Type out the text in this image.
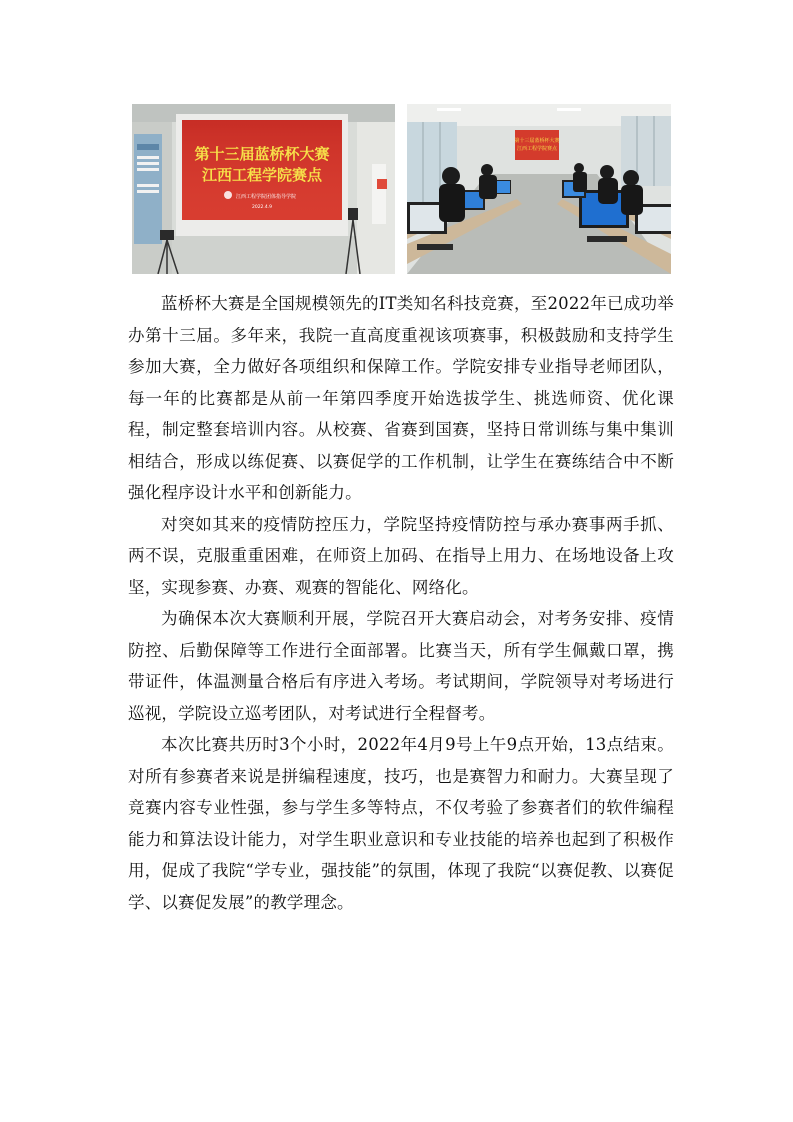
第十三届蓝桥杯大赛
江西工程学院赛点
江西工程学院团体指导学院
2022.4.9
第十三届蓝桥杯大赛
江西工程学院赛点

蓝桥杯大赛是全国规模领先的IT类知名科技竞赛，至2022年已成功举办第十三届。多年来，我院一直高度重视该项赛事，积极鼓励和支持学生参加大赛，全力做好各项组织和保障工作。学院安排专业指导老师团队，每一年的比赛都是从前一年第四季度开始选拔学生、挑选师资、优化课程，制定整套培训内容。从校赛、省赛到国赛，坚持日常训练与集中集训相结合，形成以练促赛、以赛促学的工作机制，让学生在赛练结合中不断强化程序设计水平和创新能力。

对突如其来的疫情防控压力，学院坚持疫情防控与承办赛事两手抓、两不误，克服重重困难，在师资上加码、在指导上用力、在场地设备上攻坚，实现参赛、办赛、观赛的智能化、网络化。

为确保本次大赛顺利开展，学院召开大赛启动会，对考务安排、疫情防控、后勤保障等工作进行全面部署。比赛当天，所有学生佩戴口罩，携带证件，体温测量合格后有序进入考场。考试期间，学院领导对考场进行巡视，学院设立巡考团队，对考试进行全程督考。

本次比赛共历时3个小时，2022年4月9号上午9点开始，13点结束。对所有参赛者来说是拼编程速度，技巧，也是赛智力和耐力。大赛呈现了竞赛内容专业性强，参与学生多等特点，不仅考验了参赛者们的软件编程能力和算法设计能力，对学生职业意识和专业技能的培养也起到了积极作用，促成了我院“学专业，强技能”的氛围，体现了我院“以赛促教、以赛促学、以赛促发展”的教学理念。
